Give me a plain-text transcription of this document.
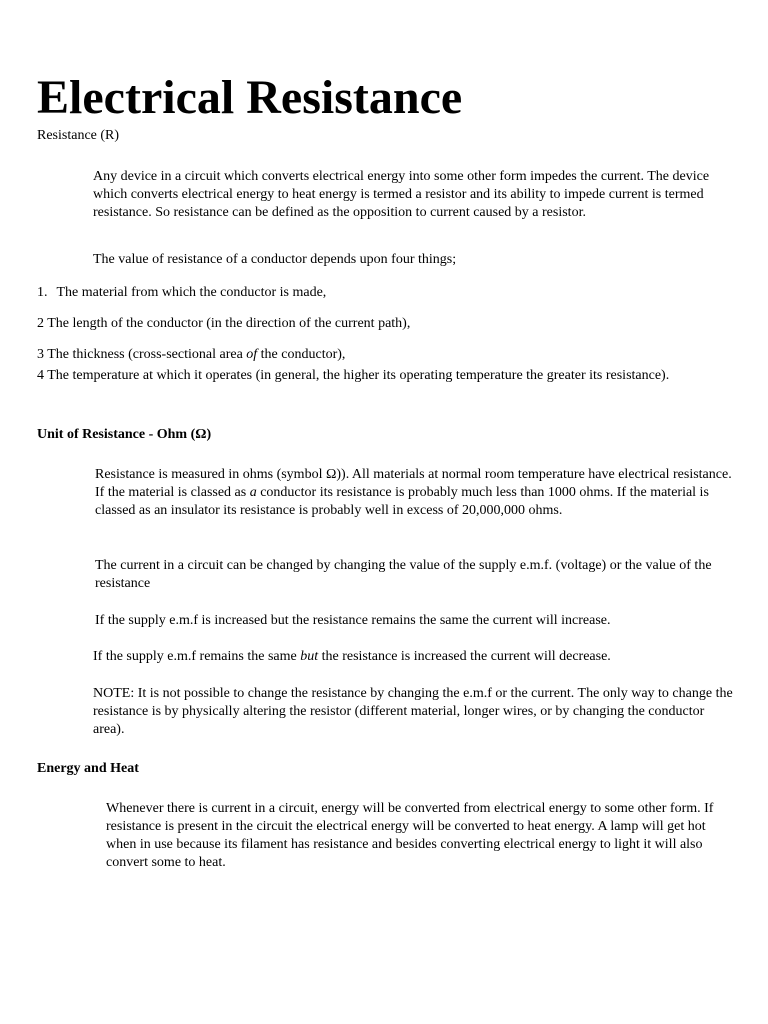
Electrical Resistance

Resistance (R)

Any device in a circuit which converts electrical energy into some other form impedes the current. The device which converts electrical energy to heat energy is termed a resistor and its ability to impede current is termed resistance. So resistance can be defined as the opposition to current caused by a resistor.

The value of resistance of a conductor depends upon four things;

1. The material from which the conductor is made,

2 The length of the conductor (in the direction of the current path),

3 The thickness (cross-sectional area of the conductor),

4 The temperature at which it operates (in general, the higher its operating temperature the greater its resistance).

Unit of Resistance - Ohm (Ω)

Resistance is measured in ohms (symbol Ω)). All materials at normal room temperature have electrical resistance. If the material is classed as a conductor its resistance is probably much less than 1000 ohms. If the material is classed as an insulator its resistance is probably well in excess of 20,000,000 ohms.

The current in a circuit can be changed by changing the value of the supply e.m.f. (voltage) or the value of the resistance

If the supply e.m.f is increased but the resistance remains the same the current will increase.

If the supply e.m.f remains the same but the resistance is increased the current will decrease.

NOTE: It is not possible to change the resistance by changing the e.m.f or the current. The only way to change the resistance is by physically altering the resistor (different material, longer wires, or by changing the conductor area).

Energy and Heat

Whenever there is current in a circuit, energy will be converted from electrical energy to some other form. If resistance is present in the circuit the electrical energy will be converted to heat energy. A lamp will get hot when in use because its filament has resistance and besides converting electrical energy to light it will also convert some to heat.
